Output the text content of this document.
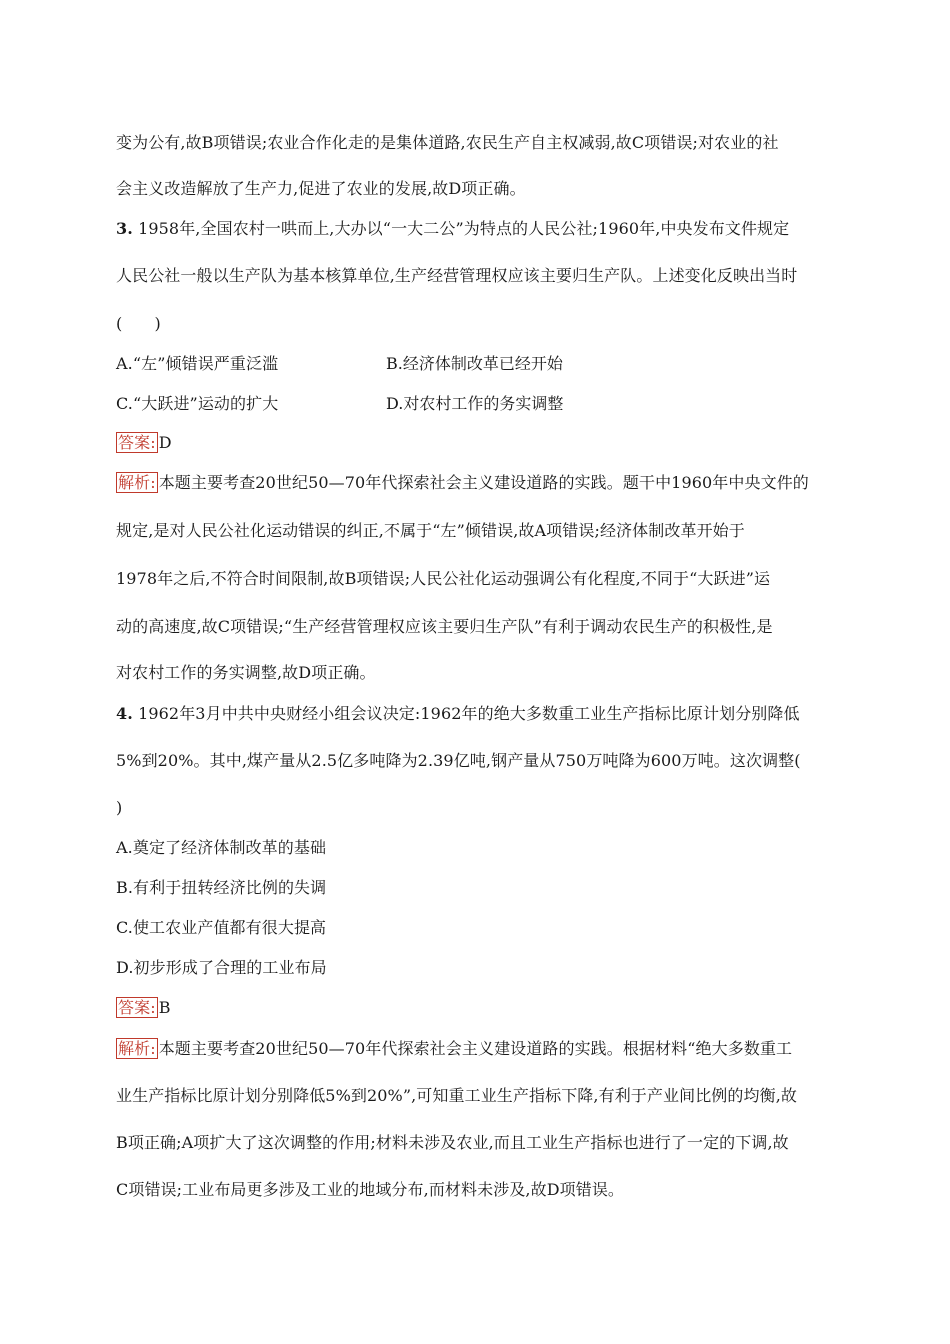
变为公有,故B项错误;农业合作化走的是集体道路,农民生产自主权减弱,故C项错误;对农业的社
会主义改造解放了生产力,促进了农业的发展,故D项正确。
3. 1958年,全国农村一哄而上,大办以“一大二公”为特点的人民公社;1960年,中央发布文件规定
人民公社一般以生产队为基本核算单位,生产经营管理权应该主要归生产队。上述变化反映出当时
(　　)
A.“左”倾错误严重泛滥	B.经济体制改革已经开始
C.“大跃进”运动的扩大	D.对农村工作的务实调整
答案: D
解析: 本题主要考查20世纪50—70年代探索社会主义建设道路的实践。题干中1960年中央文件的
规定,是对人民公社化运动错误的纠正,不属于“左”倾错误,故A项错误;经济体制改革开始于
1978年之后,不符合时间限制,故B项错误;人民公社化运动强调公有化程度,不同于“大跃进”运
动的高速度,故C项错误;“生产经营管理权应该主要归生产队”有利于调动农民生产的积极性,是
对农村工作的务实调整,故D项正确。
4. 1962年3月中共中央财经小组会议决定:1962年的绝大多数重工业生产指标比原计划分别降低
5%到20%。其中,煤产量从2.5亿多吨降为2.39亿吨,钢产量从750万吨降为600万吨。这次调整(
)
A.奠定了经济体制改革的基础
B.有利于扭转经济比例的失调
C.使工农业产值都有很大提高
D.初步形成了合理的工业布局
答案: B
解析: 本题主要考查20世纪50—70年代探索社会主义建设道路的实践。根据材料“绝大多数重工
业生产指标比原计划分别降低5%到20%”,可知重工业生产指标下降,有利于产业间比例的均衡,故
B项正确;A项扩大了这次调整的作用;材料未涉及农业,而且工业生产指标也进行了一定的下调,故
C项错误;工业布局更多涉及工业的地域分布,而材料未涉及,故D项错误。
